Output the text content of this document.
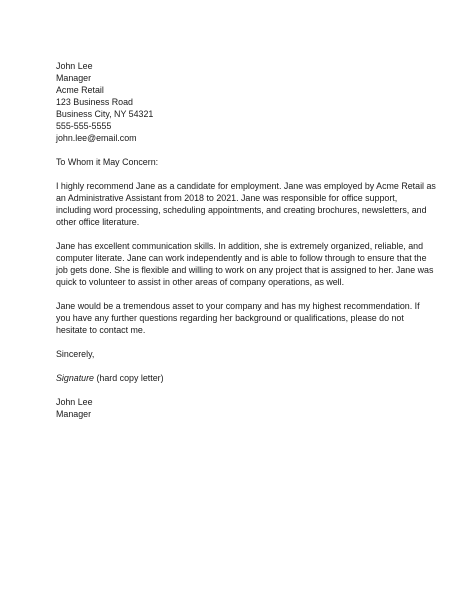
John Lee
Manager
Acme Retail
123 Business Road
Business City, NY 54321
555-555-5555
john.lee@email.com
To Whom it May Concern:
I highly recommend Jane as a candidate for employment. Jane was employed by Acme Retail as
an Administrative Assistant from 2018 to 2021. Jane was responsible for office support,
including word processing, scheduling appointments, and creating brochures, newsletters, and
other office literature.
Jane has excellent communication skills. In addition, she is extremely organized, reliable, and
computer literate. Jane can work independently and is able to follow through to ensure that the
job gets done. She is flexible and willing to work on any project that is assigned to her. Jane was
quick to volunteer to assist in other areas of company operations, as well.
Jane would be a tremendous asset to your company and has my highest recommendation. If
you have any further questions regarding her background or qualifications, please do not
hesitate to contact me.
Sincerely,
Signature (hard copy letter)
John Lee
Manager
